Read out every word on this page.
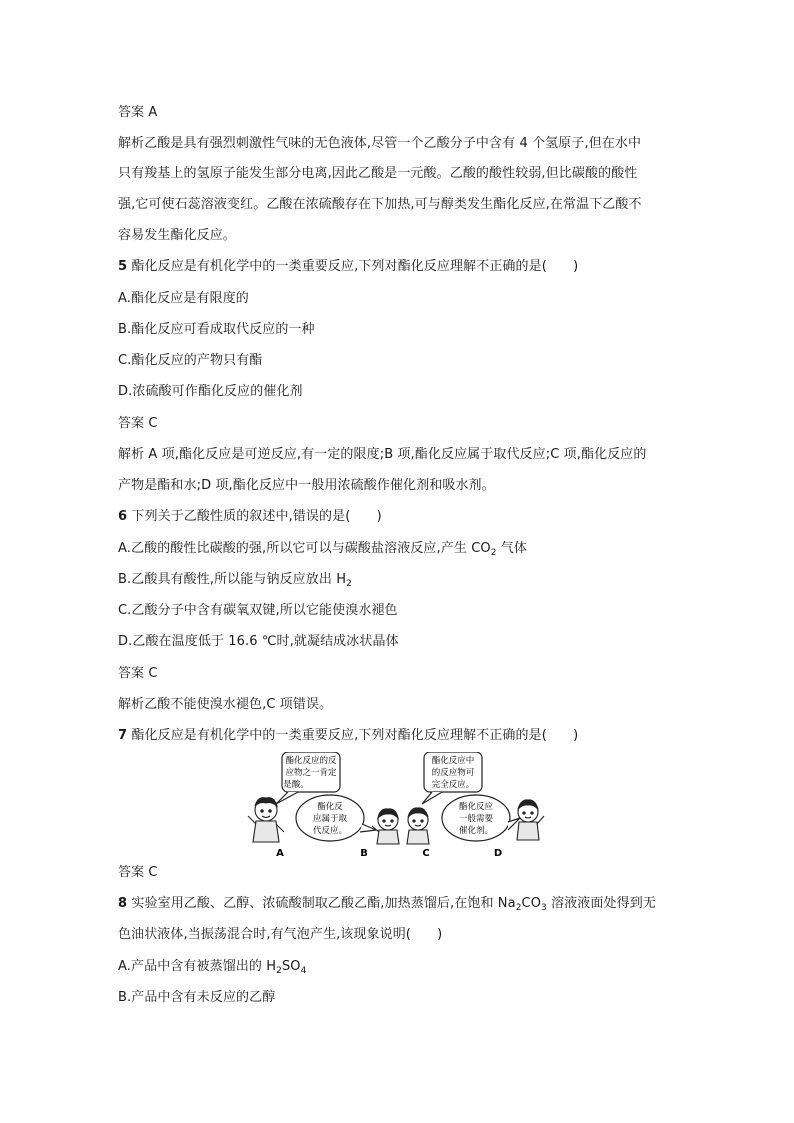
答案 A
解析乙酸是具有强烈刺激性气味的无色液体,尽管一个乙酸分子中含有 4 个氢原子,但在水中
只有羧基上的氢原子能发生部分电离,因此乙酸是一元酸。乙酸的酸性较弱,但比碳酸的酸性
强,它可使石蕊溶液变红。乙酸在浓硫酸存在下加热,可与醇类发生酯化反应,在常温下乙酸不
容易发生酯化反应。
5 酯化反应是有机化学中的一类重要反应,下列对酯化反应理解不正确的是(　　)
A.酯化反应是有限度的
B.酯化反应可看成取代反应的一种
C.酯化反应的产物只有酯
D.浓硫酸可作酯化反应的催化剂
答案 C
解析 A 项,酯化反应是可逆反应,有一定的限度;B 项,酯化反应属于取代反应;C 项,酯化反应的
产物是酯和水;D 项,酯化反应中一般用浓硫酸作催化剂和吸水剂。
6 下列关于乙酸性质的叙述中,错误的是(　　)
A.乙酸的酸性比碳酸的强,所以它可以与碳酸盐溶液反应,产生 $CO_2$ 气体
B.乙酸具有酸性,所以能与钠反应放出 $H_2$
C.乙酸分子中含有碳氧双键,所以它能使溴水褪色
D.乙酸在温度低于 16.6 ℃时,就凝结成冰状晶体
答案 C
解析乙酸不能使溴水褪色,C 项错误。
7 酯化反应是有机化学中的一类重要反应,下列对酯化反应理解不正确的是(　　)
酯化反应的反
应物之一肯定
是酸。
酯化反
应属于取
代反应。
酯化反应中
的反应物可
完全反应。
酯化反应
一般需要
催化剂。
A	B	C	D
答案 C
8 实验室用乙酸、乙醇、浓硫酸制取乙酸乙酯,加热蒸馏后,在饱和 $Na_2CO_3$ 溶液液面处得到无
色油状液体,当振荡混合时,有气泡产生,该现象说明(　　)
A.产品中含有被蒸馏出的 $H_2SO_4$
B.产品中含有未反应的乙醇
